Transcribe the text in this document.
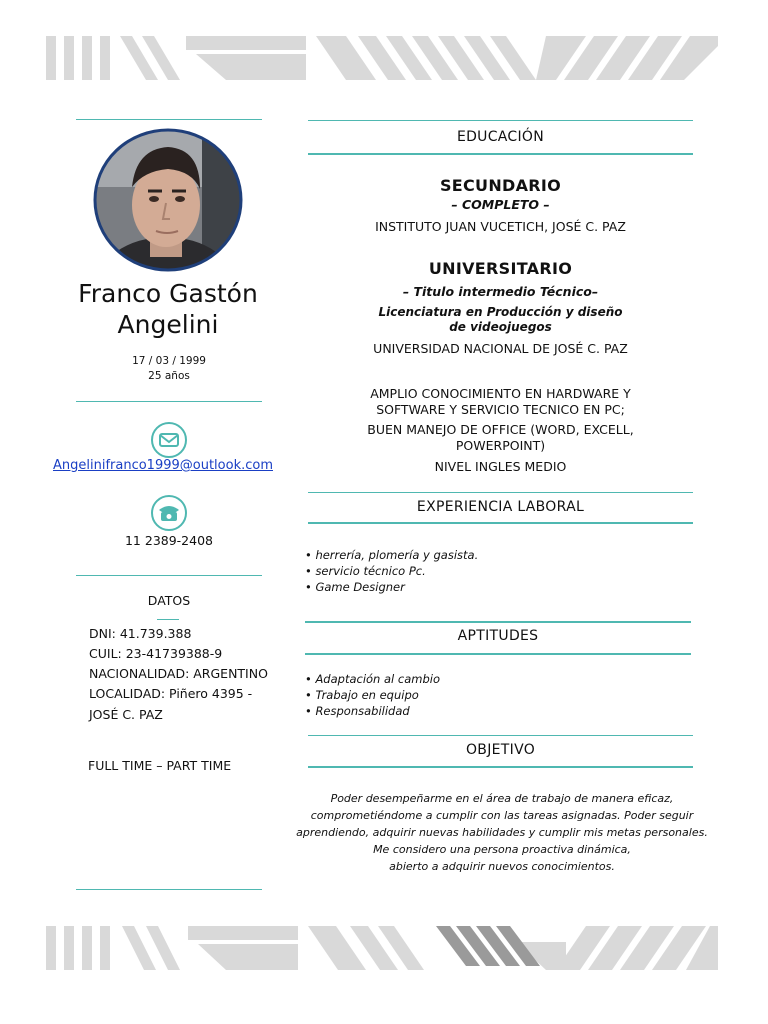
Franco Gastón
Angelini
17 / 03 / 1999
25 años
Angelinifranco1999@outlook.com
11 2389-2408
DATOS
DNI: 41.739.388
CUIL: 23-41739388-9
NACIONALIDAD: ARGENTINO
LOCALIDAD: Piñero 4395 -
JOSÉ C. PAZ
FULL TIME – PART TIME
EDUCACIÓN
SECUNDARIO
– COMPLETO –
INSTITUTO JUAN VUCETICH, JOSÉ C. PAZ
UNIVERSITARIO
– Titulo intermedio Técnico–
Licenciatura en Producción y diseño
de videojuegos
UNIVERSIDAD NACIONAL DE JOSÉ C. PAZ
AMPLIO CONOCIMIENTO EN HARDWARE Y
SOFTWARE Y SERVICIO TECNICO EN PC;
BUEN MANEJO DE OFFICE (WORD, EXCELL,
POWERPOINT)
NIVEL INGLES MEDIO
EXPERIENCIA LABORAL
• herrería, plomería y gasista.
• servicio técnico Pc.
• Game Designer
APTITUDES
• Adaptación al cambio
• Trabajo en equipo
• Responsabilidad
OBJETIVO
Poder desempeñarme en el área de trabajo de manera eficaz,
comprometiéndome a cumplir con las tareas asignadas. Poder seguir
aprendiendo, adquirir nuevas habilidades y cumplir mis metas personales.
Me considero una persona proactiva dinámica,
abierto a adquirir nuevos conocimientos.
